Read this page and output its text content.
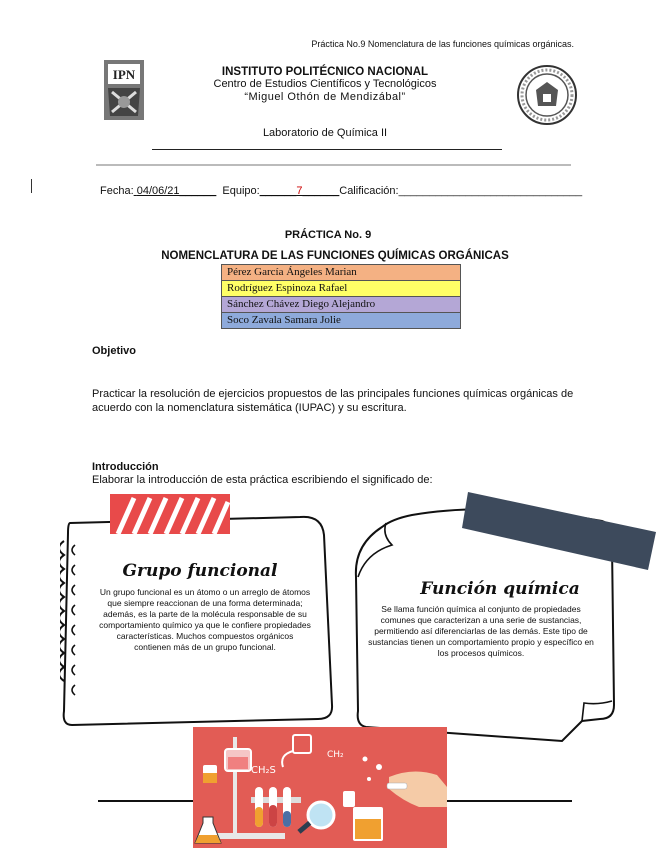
Práctica No.9 Nomenclatura de las funciones químicas orgánicas.
IPN	INSTITUTO POLITÉCNICO NACIONAL
Centro de Estudios Científicos y Tecnológicos
“Miguel Othón de Mendizábal”
Laboratorio de Química II
Fecha: 04/06/21______ Equipo:______7______Calificación:______________________________
PRÁCTICA No. 9
NOMENCLATURA DE LAS FUNCIONES QUÍMICAS ORGÁNICAS
Pérez García Ángeles Marian
Rodríguez Espinoza Rafael
Sánchez Chávez Diego Alejandro
Soco Zavala Samara Jolie
Objetivo
Practicar la resolución de ejercicios propuestos de las principales funciones químicas orgánicas de acuerdo con la nomenclatura sistemática (IUPAC) y su escritura.
Introducción
Elaborar la introducción de esta práctica escribiendo el significado de:
Grupo funcional
Un grupo funcional es un átomo o un arreglo de átomos que siempre reaccionan de una forma determinada; además, es la parte de la molécula responsable de su comportamiento químico ya que le confiere propiedades características. Muchos compuestos orgánicos contienen más de un grupo funcional.
Función química
Se llama función química al conjunto de propiedades comunes que caracterizan a una serie de sustancias, permitiendo así diferenciarlas de las demás. Este tipo de sustancias tienen un comportamiento propio y específico en los procesos químicos.
CH₂S
CH₂
